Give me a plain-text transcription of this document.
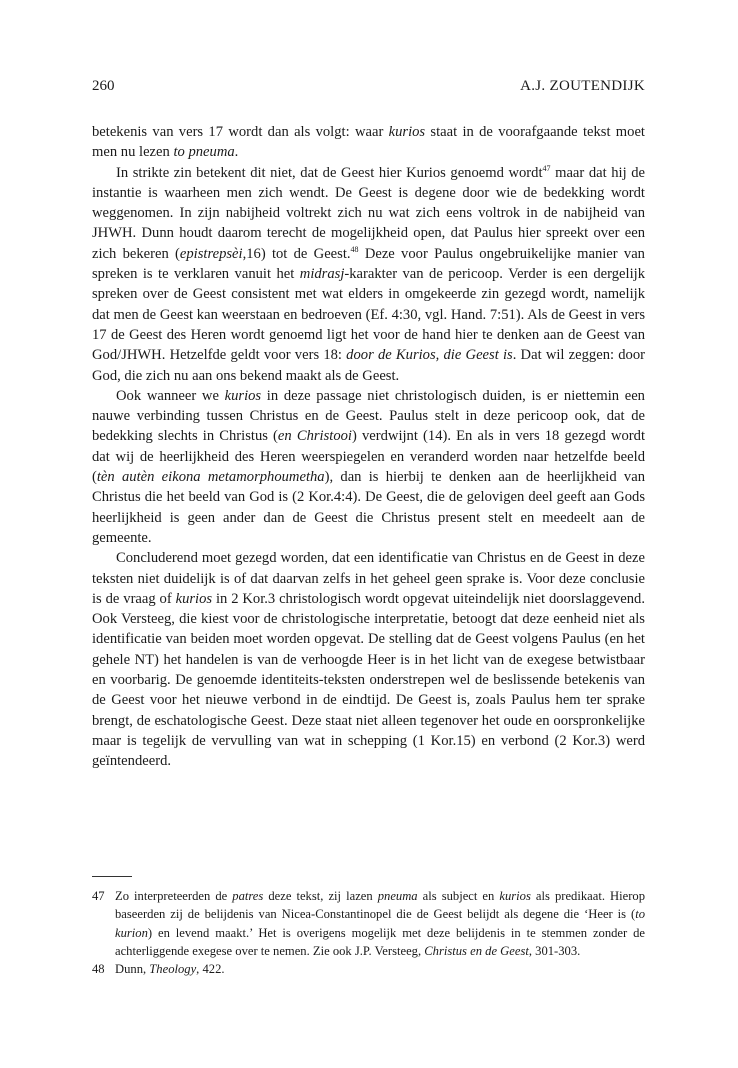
260	A.J. ZOUTENDIJK

betekenis van vers 17 wordt dan als volgt: waar kurios staat in de voorafgaande tekst moet men nu lezen to pneuma.

In strikte zin betekent dit niet, dat de Geest hier Kurios genoemd wordt$^{47}$ maar dat hij de instantie is waarheen men zich wendt. De Geest is degene door wie de bedekking wordt weggenomen. In zijn nabijheid voltrekt zich nu wat zich eens voltrok in de nabijheid van JHWH. Dunn houdt daarom terecht de mogelijkheid open, dat Paulus hier spreekt over een zich bekeren (epistrepsèi,16) tot de Geest.$^{48}$ Deze voor Paulus ongebruikelijke manier van spreken is te verklaren vanuit het midrasj-karakter van de pericoop. Verder is een dergelijk spreken over de Geest consistent met wat elders in omgekeerde zin gezegd wordt, namelijk dat men de Geest kan weerstaan en bedroeven (Ef. 4:30, vgl. Hand. 7:51). Als de Geest in vers 17 de Geest des Heren wordt genoemd ligt het voor de hand hier te denken aan de Geest van God/JHWH. Hetzelfde geldt voor vers 18: door de Kurios, die Geest is. Dat wil zeggen: door God, die zich nu aan ons bekend maakt als de Geest.

Ook wanneer we kurios in deze passage niet christologisch duiden, is er niettemin een nauwe verbinding tussen Christus en de Geest. Paulus stelt in deze pericoop ook, dat de bedekking slechts in Christus (en Christooi) verdwijnt (14). En als in vers 18 gezegd wordt dat wij de heerlijkheid des Heren weerspiegelen en veranderd worden naar hetzelfde beeld (tèn autèn eikona metamorphoumetha), dan is hierbij te denken aan de heerlijkheid van Christus die het beeld van God is (2 Kor.4:4). De Geest, die de gelovigen deel geeft aan Gods heerlijkheid is geen ander dan de Geest die Christus present stelt en meedeelt aan de gemeente.

Concluderend moet gezegd worden, dat een identificatie van Christus en de Geest in deze teksten niet duidelijk is of dat daarvan zelfs in het geheel geen sprake is. Voor deze conclusie is de vraag of kurios in 2 Kor.3 christologisch wordt opgevat uiteindelijk niet doorslaggevend. Ook Versteeg, die kiest voor de christologische interpretatie, betoogt dat deze eenheid niet als identificatie van beiden moet worden opgevat. De stelling dat de Geest volgens Paulus (en het gehele NT) het handelen is van de verhoogde Heer is in het licht van de exegese betwistbaar en voorbarig. De genoemde identiteits-teksten onderstrepen wel de beslissende betekenis van de Geest voor het nieuwe verbond in de eindtijd. De Geest is, zoals Paulus hem ter sprake brengt, de eschatologische Geest. Deze staat niet alleen tegenover het oude en oorspronkelijke maar is tegelijk de vervulling van wat in schepping (1 Kor.15) en verbond (2 Kor.3) werd geïntendeerd.

47 Zo interpreteerden de patres deze tekst, zij lazen pneuma als subject en kurios als predikaat. Hierop baseerden zij de belijdenis van Nicea-Constantinopel die de Geest belijdt als degene die ‘Heer is (to kurion) en levend maakt.’ Het is overigens mogelijk met deze belijdenis in te stemmen zonder de achterliggende exegese over te nemen. Zie ook J.P. Versteeg, Christus en de Geest, 301-303.

48 Dunn, Theology, 422.
